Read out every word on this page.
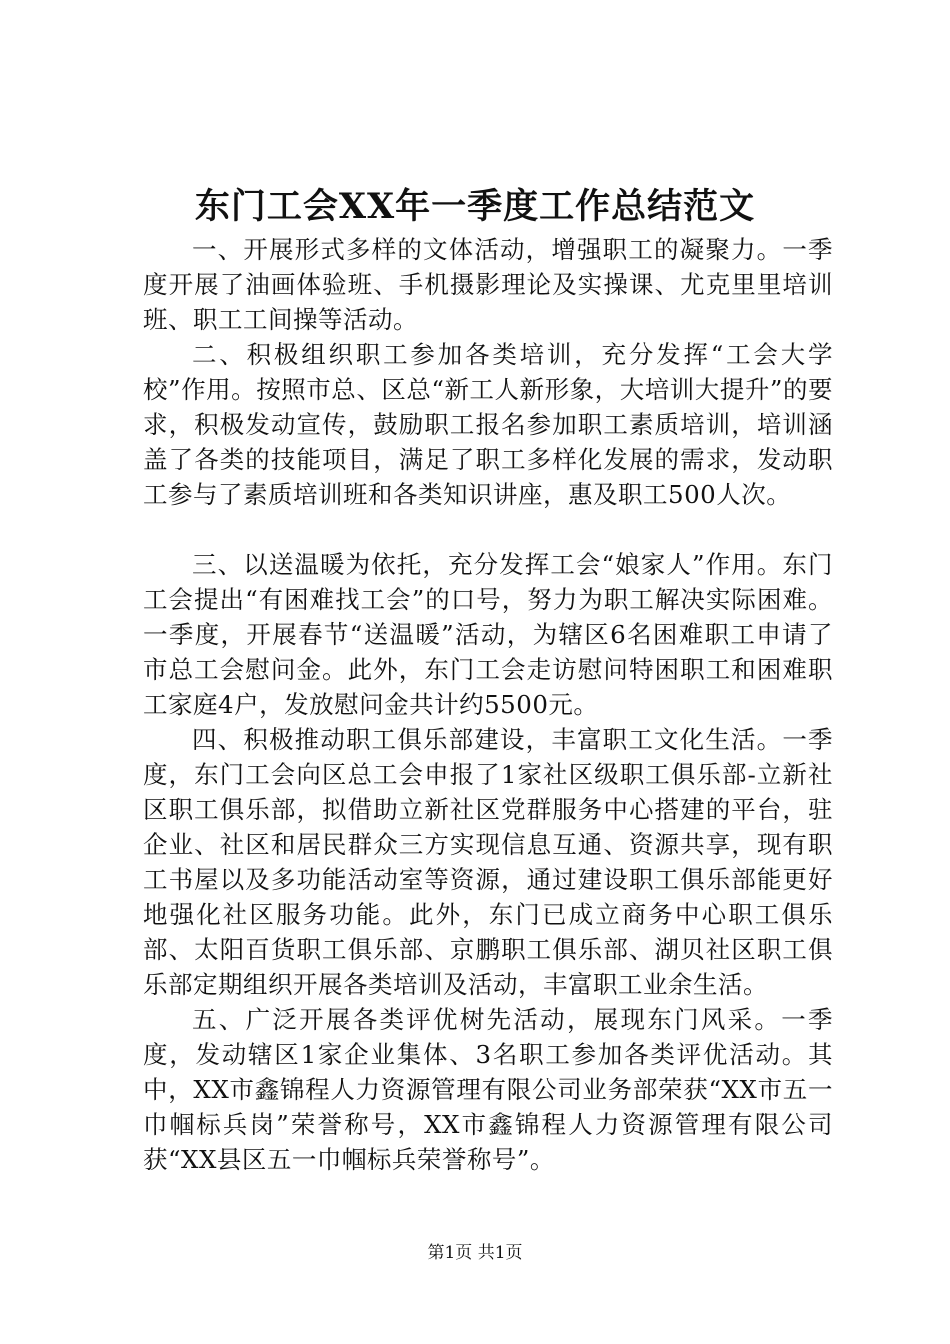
东门工会XX年一季度工作总结范文

一、开展形式多样的文体活动，增强职工的凝聚力。一季度开展了油画体验班、手机摄影理论及实操课、尤克里里培训班、职工工间操等活动。

二、积极组织职工参加各类培训，充分发挥“工会大学校”作用。按照市总、区总“新工人新形象，大培训大提升”的要求，积极发动宣传，鼓励职工报名参加职工素质培训，培训涵盖了各类的技能项目，满足了职工多样化发展的需求，发动职工参与了素质培训班和各类知识讲座，惠及职工500人次。

三、以送温暖为依托，充分发挥工会“娘家人”作用。东门工会提出“有困难找工会”的口号，努力为职工解决实际困难。一季度，开展春节“送温暖”活动，为辖区6名困难职工申请了市总工会慰问金。此外，东门工会走访慰问特困职工和困难职工家庭4户，发放慰问金共计约5500元。

四、积极推动职工俱乐部建设，丰富职工文化生活。一季度，东门工会向区总工会申报了1家社区级职工俱乐部-立新社区职工俱乐部，拟借助立新社区党群服务中心搭建的平台，驻企业、社区和居民群众三方实现信息互通、资源共享，现有职工书屋以及多功能活动室等资源，通过建设职工俱乐部能更好地强化社区服务功能。此外，东门已成立商务中心职工俱乐部、太阳百货职工俱乐部、京鹏职工俱乐部、湖贝社区职工俱乐部定期组织开展各类培训及活动，丰富职工业余生活。

五、广泛开展各类评优树先活动，展现东门风采。一季度，发动辖区1家企业集体、3名职工参加各类评优活动。其中，XX市鑫锦程人力资源管理有限公司业务部荣获“XX市五一巾帼标兵岗”荣誉称号，XX市鑫锦程人力资源管理有限公司获“XX县区五一巾帼标兵荣誉称号”。

第1页 共1页
